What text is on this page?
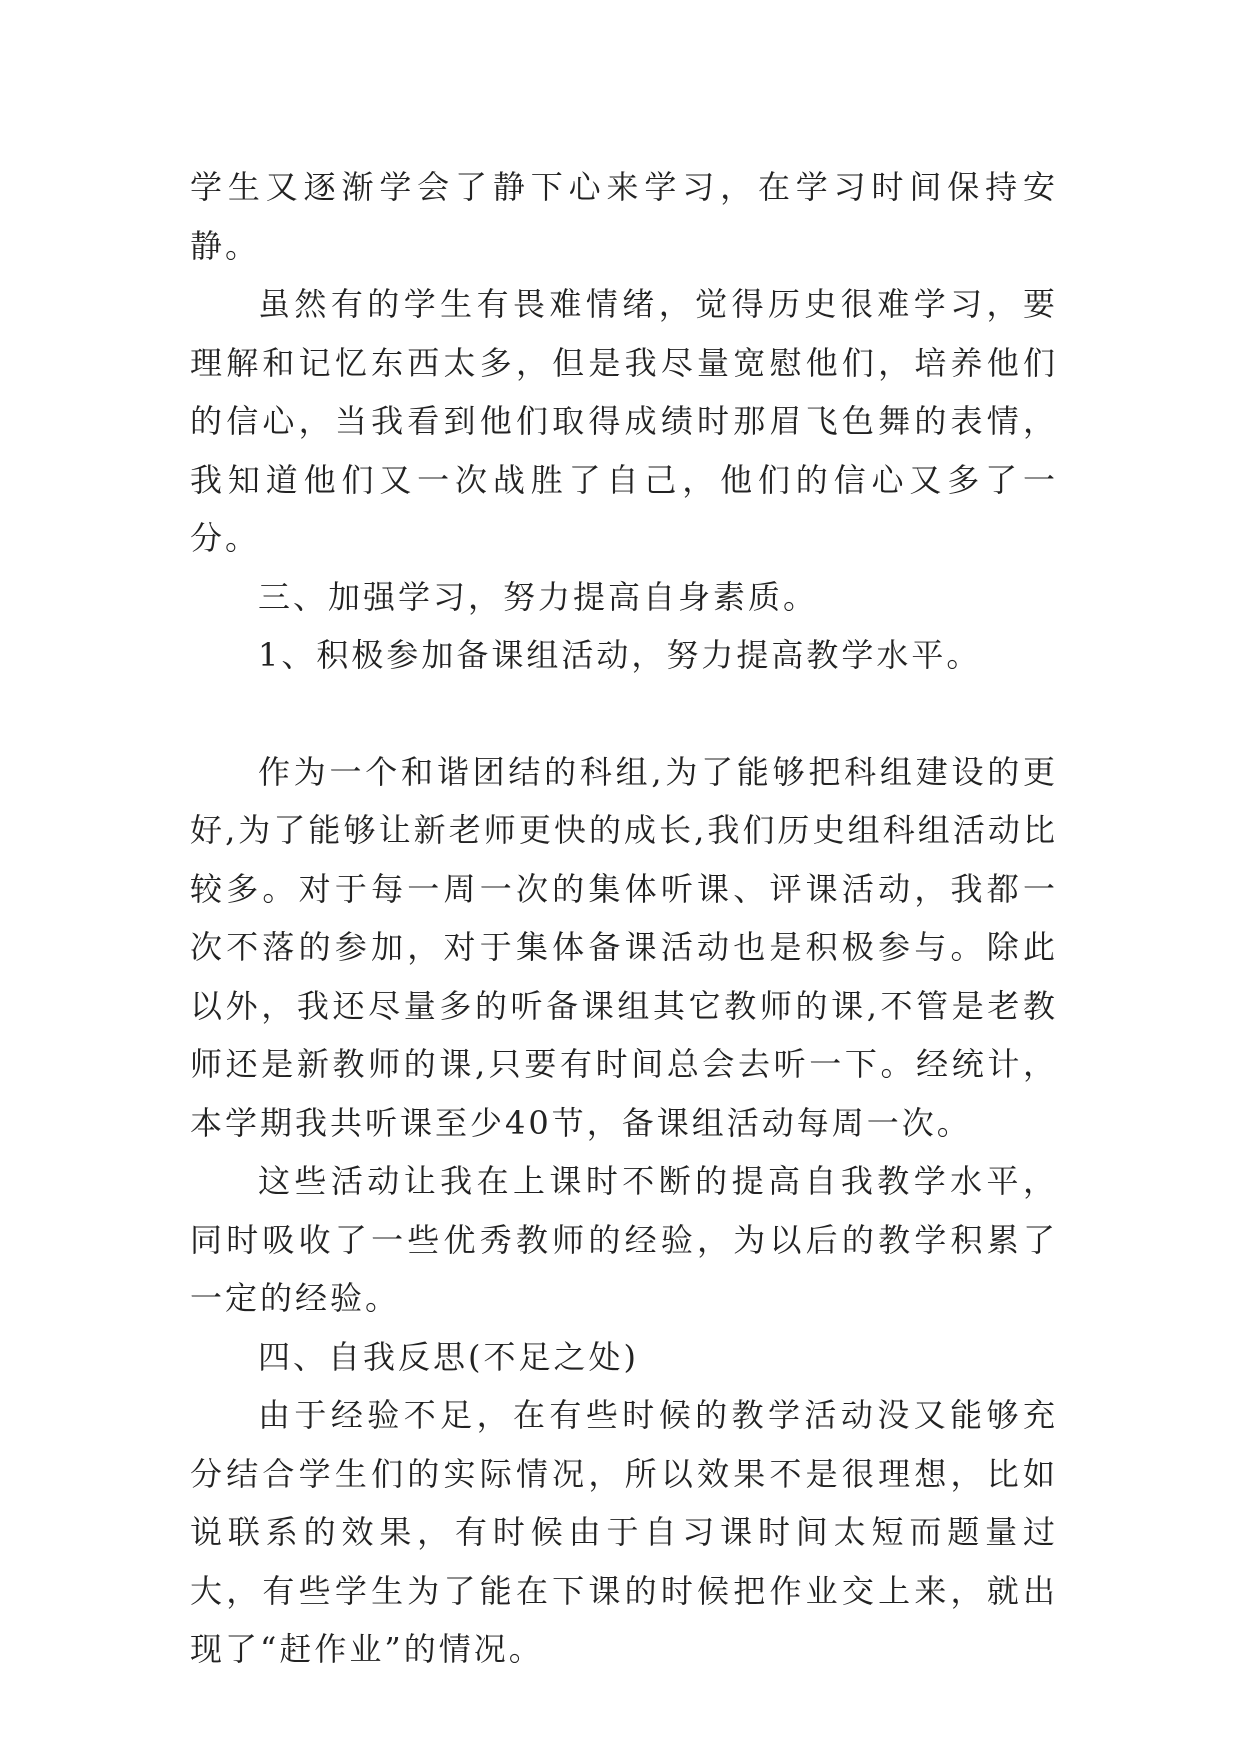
学生又逐渐学会了静下心来学习，在学习时间保持安静。

虽然有的学生有畏难情绪，觉得历史很难学习，要理解和记忆东西太多，但是我尽量宽慰他们，培养他们的信心，当我看到他们取得成绩时那眉飞色舞的表情，我知道他们又一次战胜了自己，他们的信心又多了一分。

三、加强学习，努力提高自身素质。

1、积极参加备课组活动，努力提高教学水平。

作为一个和谐团结的科组,为了能够把科组建设的更好,为了能够让新老师更快的成长,我们历史组科组活动比较多。对于每一周一次的集体听课、评课活动，我都一次不落的参加，对于集体备课活动也是积极参与。除此以外，我还尽量多的听备课组其它教师的课,不管是老教师还是新教师的课,只要有时间总会去听一下。经统计，本学期我共听课至少40节，备课组活动每周一次。

这些活动让我在上课时不断的提高自我教学水平，同时吸收了一些优秀教师的经验，为以后的教学积累了一定的经验。

四、自我反思(不足之处)

由于经验不足，在有些时候的教学活动没又能够充分结合学生们的实际情况，所以效果不是很理想，比如说联系的效果，有时候由于自习课时间太短而题量过大，有些学生为了能在下课的时候把作业交上来，就出现了“赶作业”的情况。
